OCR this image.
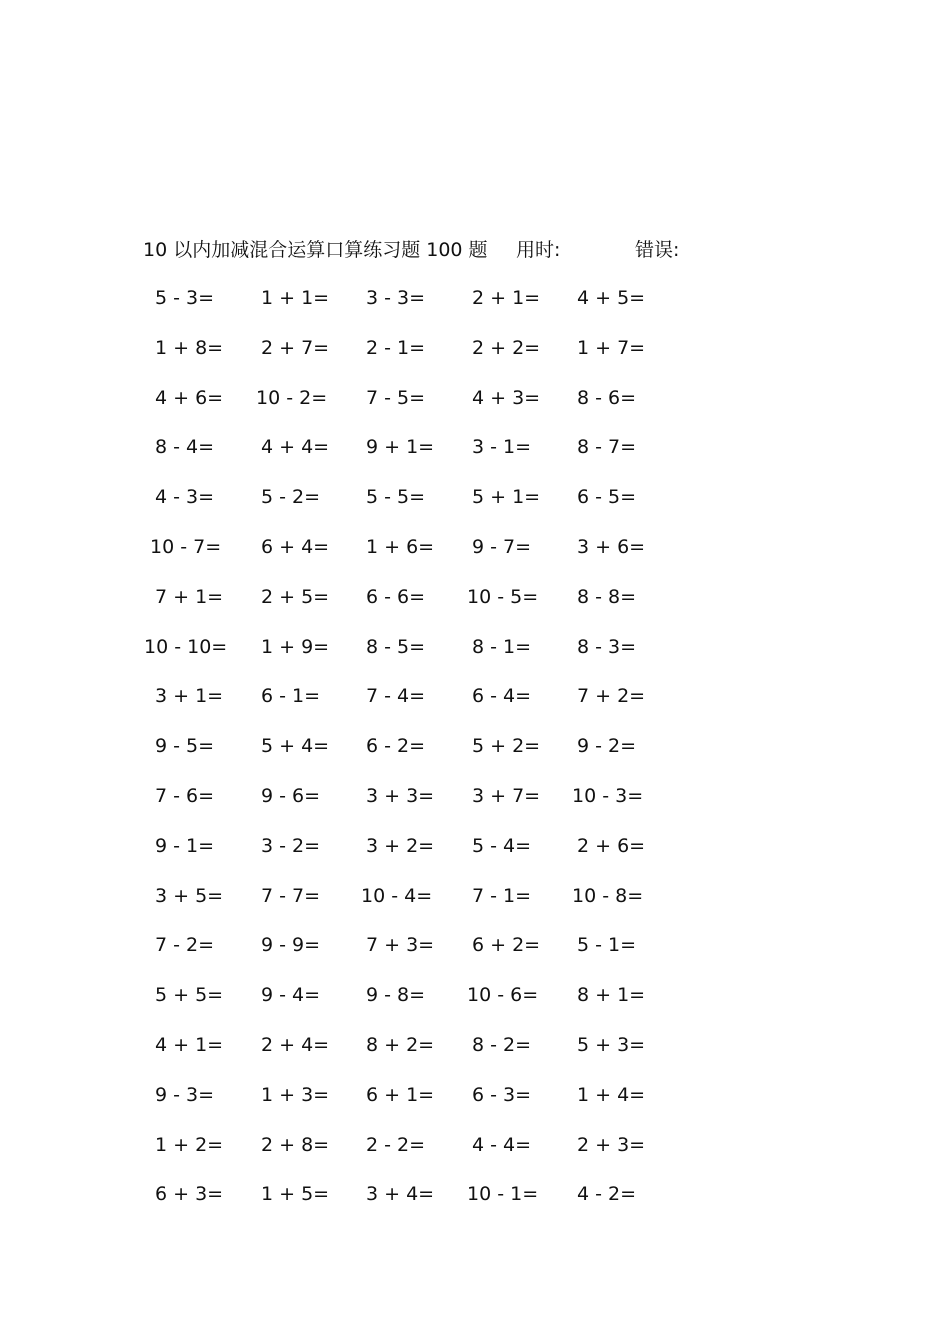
10 以内加减混合运算口算练习题 100 题 用时:	错误:
5 - 3= 1 + 1= 3 - 3= 2 + 1= 4 + 5=
1 + 8= 2 + 7= 2 - 1= 2 + 2= 1 + 7=
4 + 6= 10 - 2= 7 - 5= 4 + 3= 8 - 6=
8 - 4= 4 + 4= 9 + 1= 3 - 1= 8 - 7=
4 - 3= 5 - 2= 5 - 5= 5 + 1= 6 - 5=
10 - 7= 6 + 4= 1 + 6= 9 - 7= 3 + 6=
7 + 1= 2 + 5= 6 - 6= 10 - 5= 8 - 8=
10 - 10= 1 + 9= 8 - 5= 8 - 1= 8 - 3=
3 + 1= 6 - 1= 7 - 4= 6 - 4= 7 + 2=
9 - 5= 5 + 4= 6 - 2= 5 + 2= 9 - 2=
7 - 6= 9 - 6= 3 + 3= 3 + 7= 10 - 3=
9 - 1= 3 - 2= 3 + 2= 5 - 4= 2 + 6=
3 + 5= 7 - 7= 10 - 4= 7 - 1= 10 - 8=
7 - 2= 9 - 9= 7 + 3= 6 + 2= 5 - 1=
5 + 5= 9 - 4= 9 - 8= 10 - 6= 8 + 1=
4 + 1= 2 + 4= 8 + 2= 8 - 2= 5 + 3=
9 - 3= 1 + 3= 6 + 1= 6 - 3= 1 + 4=
1 + 2= 2 + 8= 2 - 2= 4 - 4= 2 + 3=
6 + 3= 1 + 5= 3 + 4= 10 - 1= 4 - 2=
